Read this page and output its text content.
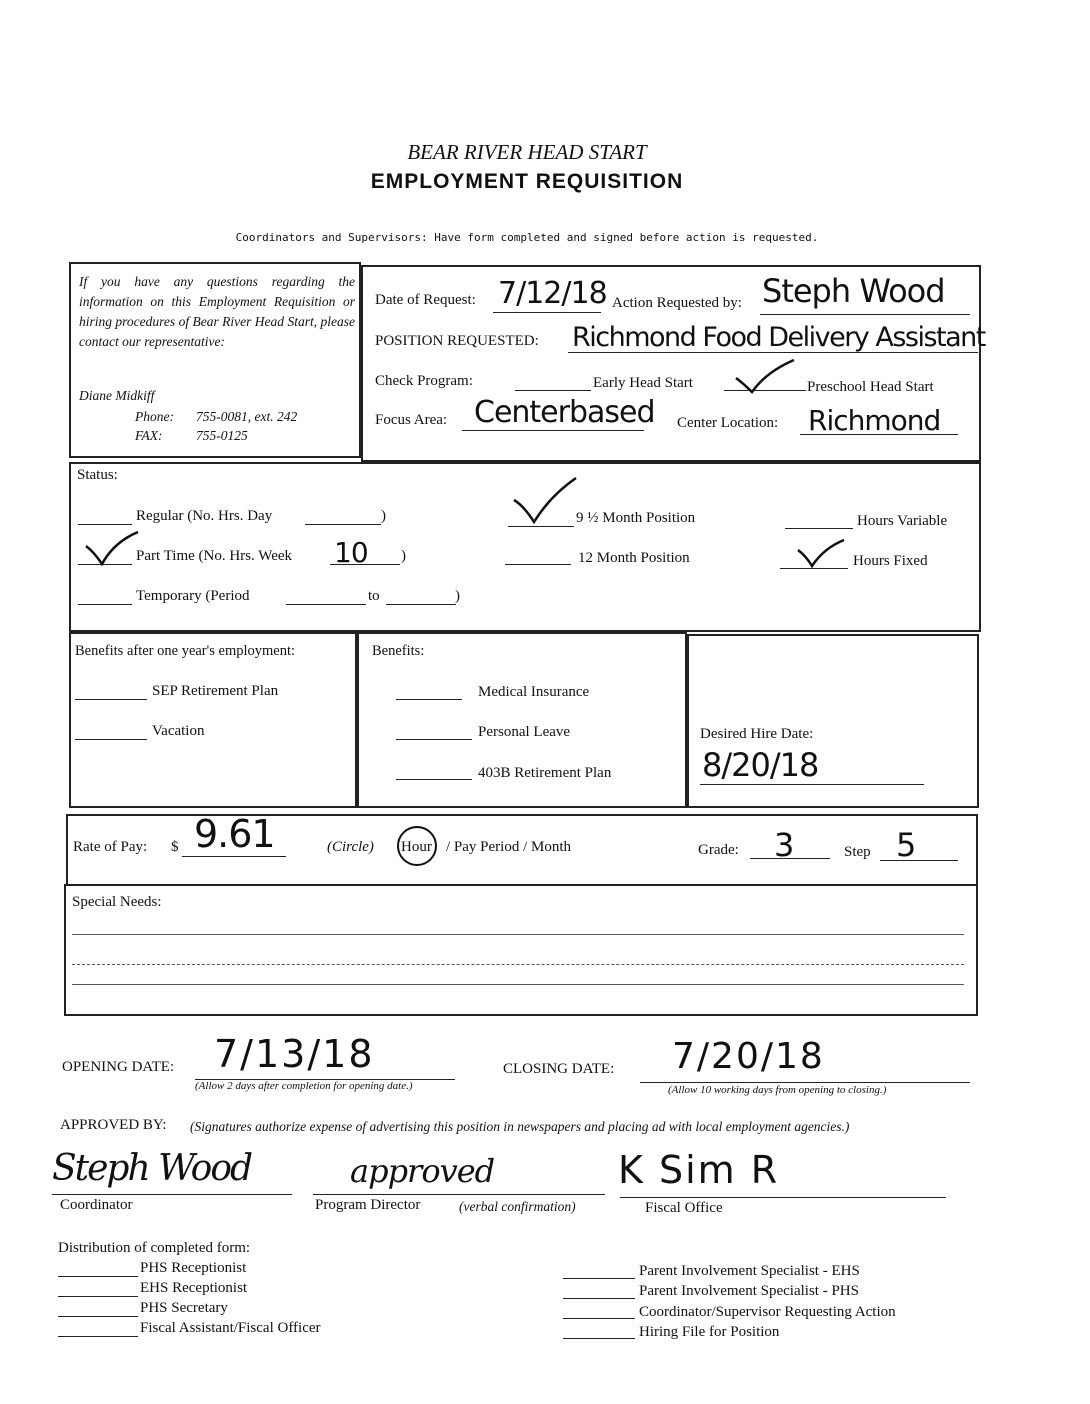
BEAR RIVER HEAD START
EMPLOYMENT REQUISITION
Coordinators and Supervisors: Have form completed and signed before action is requested.
If you have any questions regarding the information on this Employment Requisition or hiring procedures of Bear River Head Start, please contact our representative:
Diane Midkiff
Phone: 755-0081, ext. 242
FAX: 755-0125
Date of Request: 7/12/18 Action Requested by: Steph Wood
POSITION REQUESTED: Richmond Food Delivery Assistant
Check Program:	Early Head Start	Preschool Head Start
Focus Area: Centerbased Center Location: Richmond
Status:
Regular (No. Hrs. Day	)
Part Time (No. Hrs. Week 10 )
Temporary (Period	to	)
9 ½ Month Position
12 Month Position
Hours Variable
Hours Fixed
Benefits after one year's employment:
SEP Retirement Plan
Vacation
Benefits:
Medical Insurance
Personal Leave
403B Retirement Plan
Desired Hire Date:
8/20/18
Rate of Pay: $ 9.61	(Circle) Hour / Pay Period / Month	Grade: 3	Step 5
Special Needs:
OPENING DATE: 7/13/18
(Allow 2 days after completion for opening date.)
CLOSING DATE: 7/20/18
(Allow 10 working days from opening to closing.)
APPROVED BY: (Signatures authorize expense of advertising this position in newspapers and placing ad with local employment agencies.)
Steph Wood
Coordinator
approved
Program Director	(verbal confirmation)
K Sim R
Fiscal Office
Distribution of completed form:
PHS Receptionist
EHS Receptionist
PHS Secretary
Fiscal Assistant/Fiscal Officer
Parent Involvement Specialist - EHS
Parent Involvement Specialist - PHS
Coordinator/Supervisor Requesting Action
Hiring File for Position
